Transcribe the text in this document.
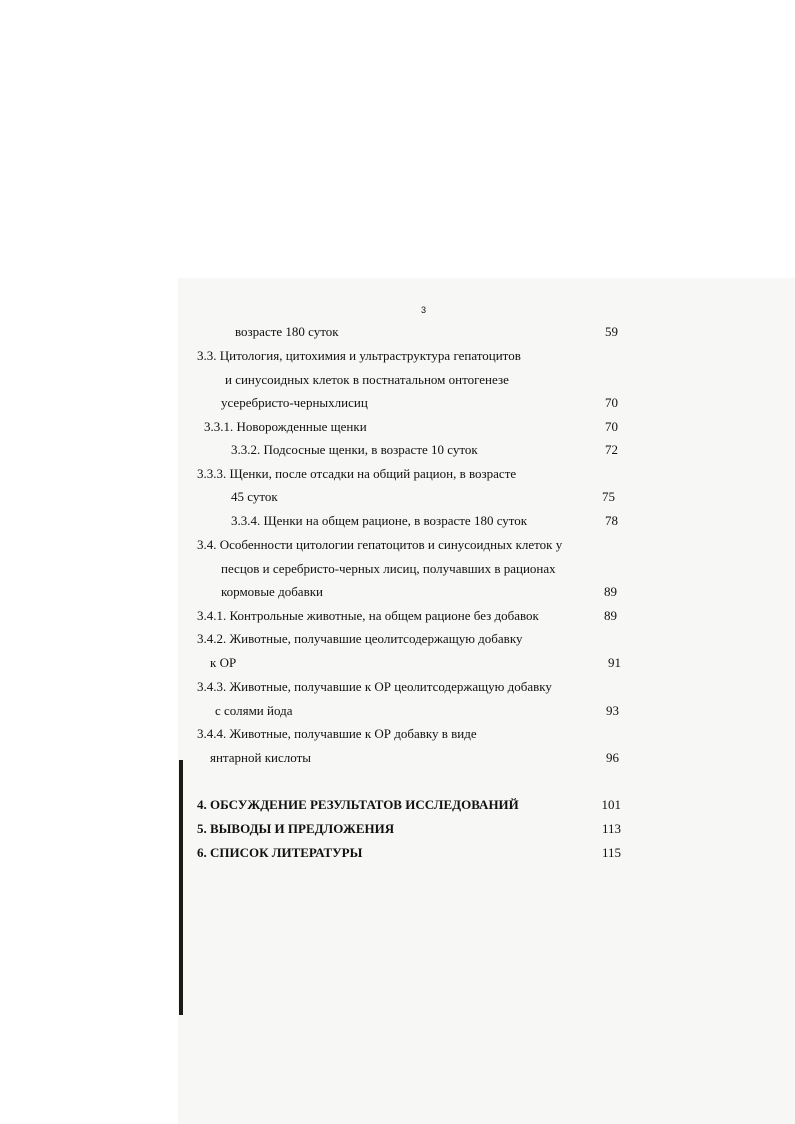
3
возрасте 180 суток	59
3.3. Цитология, цитохимия и ультраструктура гепатоцитов
и синусоидных клеток в постнатальном онтогенезе
усеребристо-черныхлисиц	70
3.3.1. Новорожденные щенки	70
3.3.2. Подсосные щенки, в возрасте 10 суток	72
3.3.3. Щенки, после отсадки на общий рацион, в возрасте
45 суток	75
3.3.4. Щенки на общем рационе, в возрасте 180 суток	78
3.4. Особенности цитологии гепатоцитов и синусоидных клеток у
песцов и серебристо-черных лисиц, получавших в рационах
кормовые добавки	89
3.4.1. Контрольные животные, на общем рационе без добавок	89
3.4.2. Животные, получавшие цеолитсодержащую добавку
к ОР	91
3.4.3. Животные, получавшие к ОР цеолитсодержащую добавку
с солями йода	93
3.4.4. Животные, получавшие к ОР добавку в виде
янтарной кислоты	96
4. ОБСУЖДЕНИЕ РЕЗУЛЬТАТОВ ИССЛЕДОВАНИЙ	101
5. ВЫВОДЫ И ПРЕДЛОЖЕНИЯ	113
6. СПИСОК ЛИТЕРАТУРЫ	115
